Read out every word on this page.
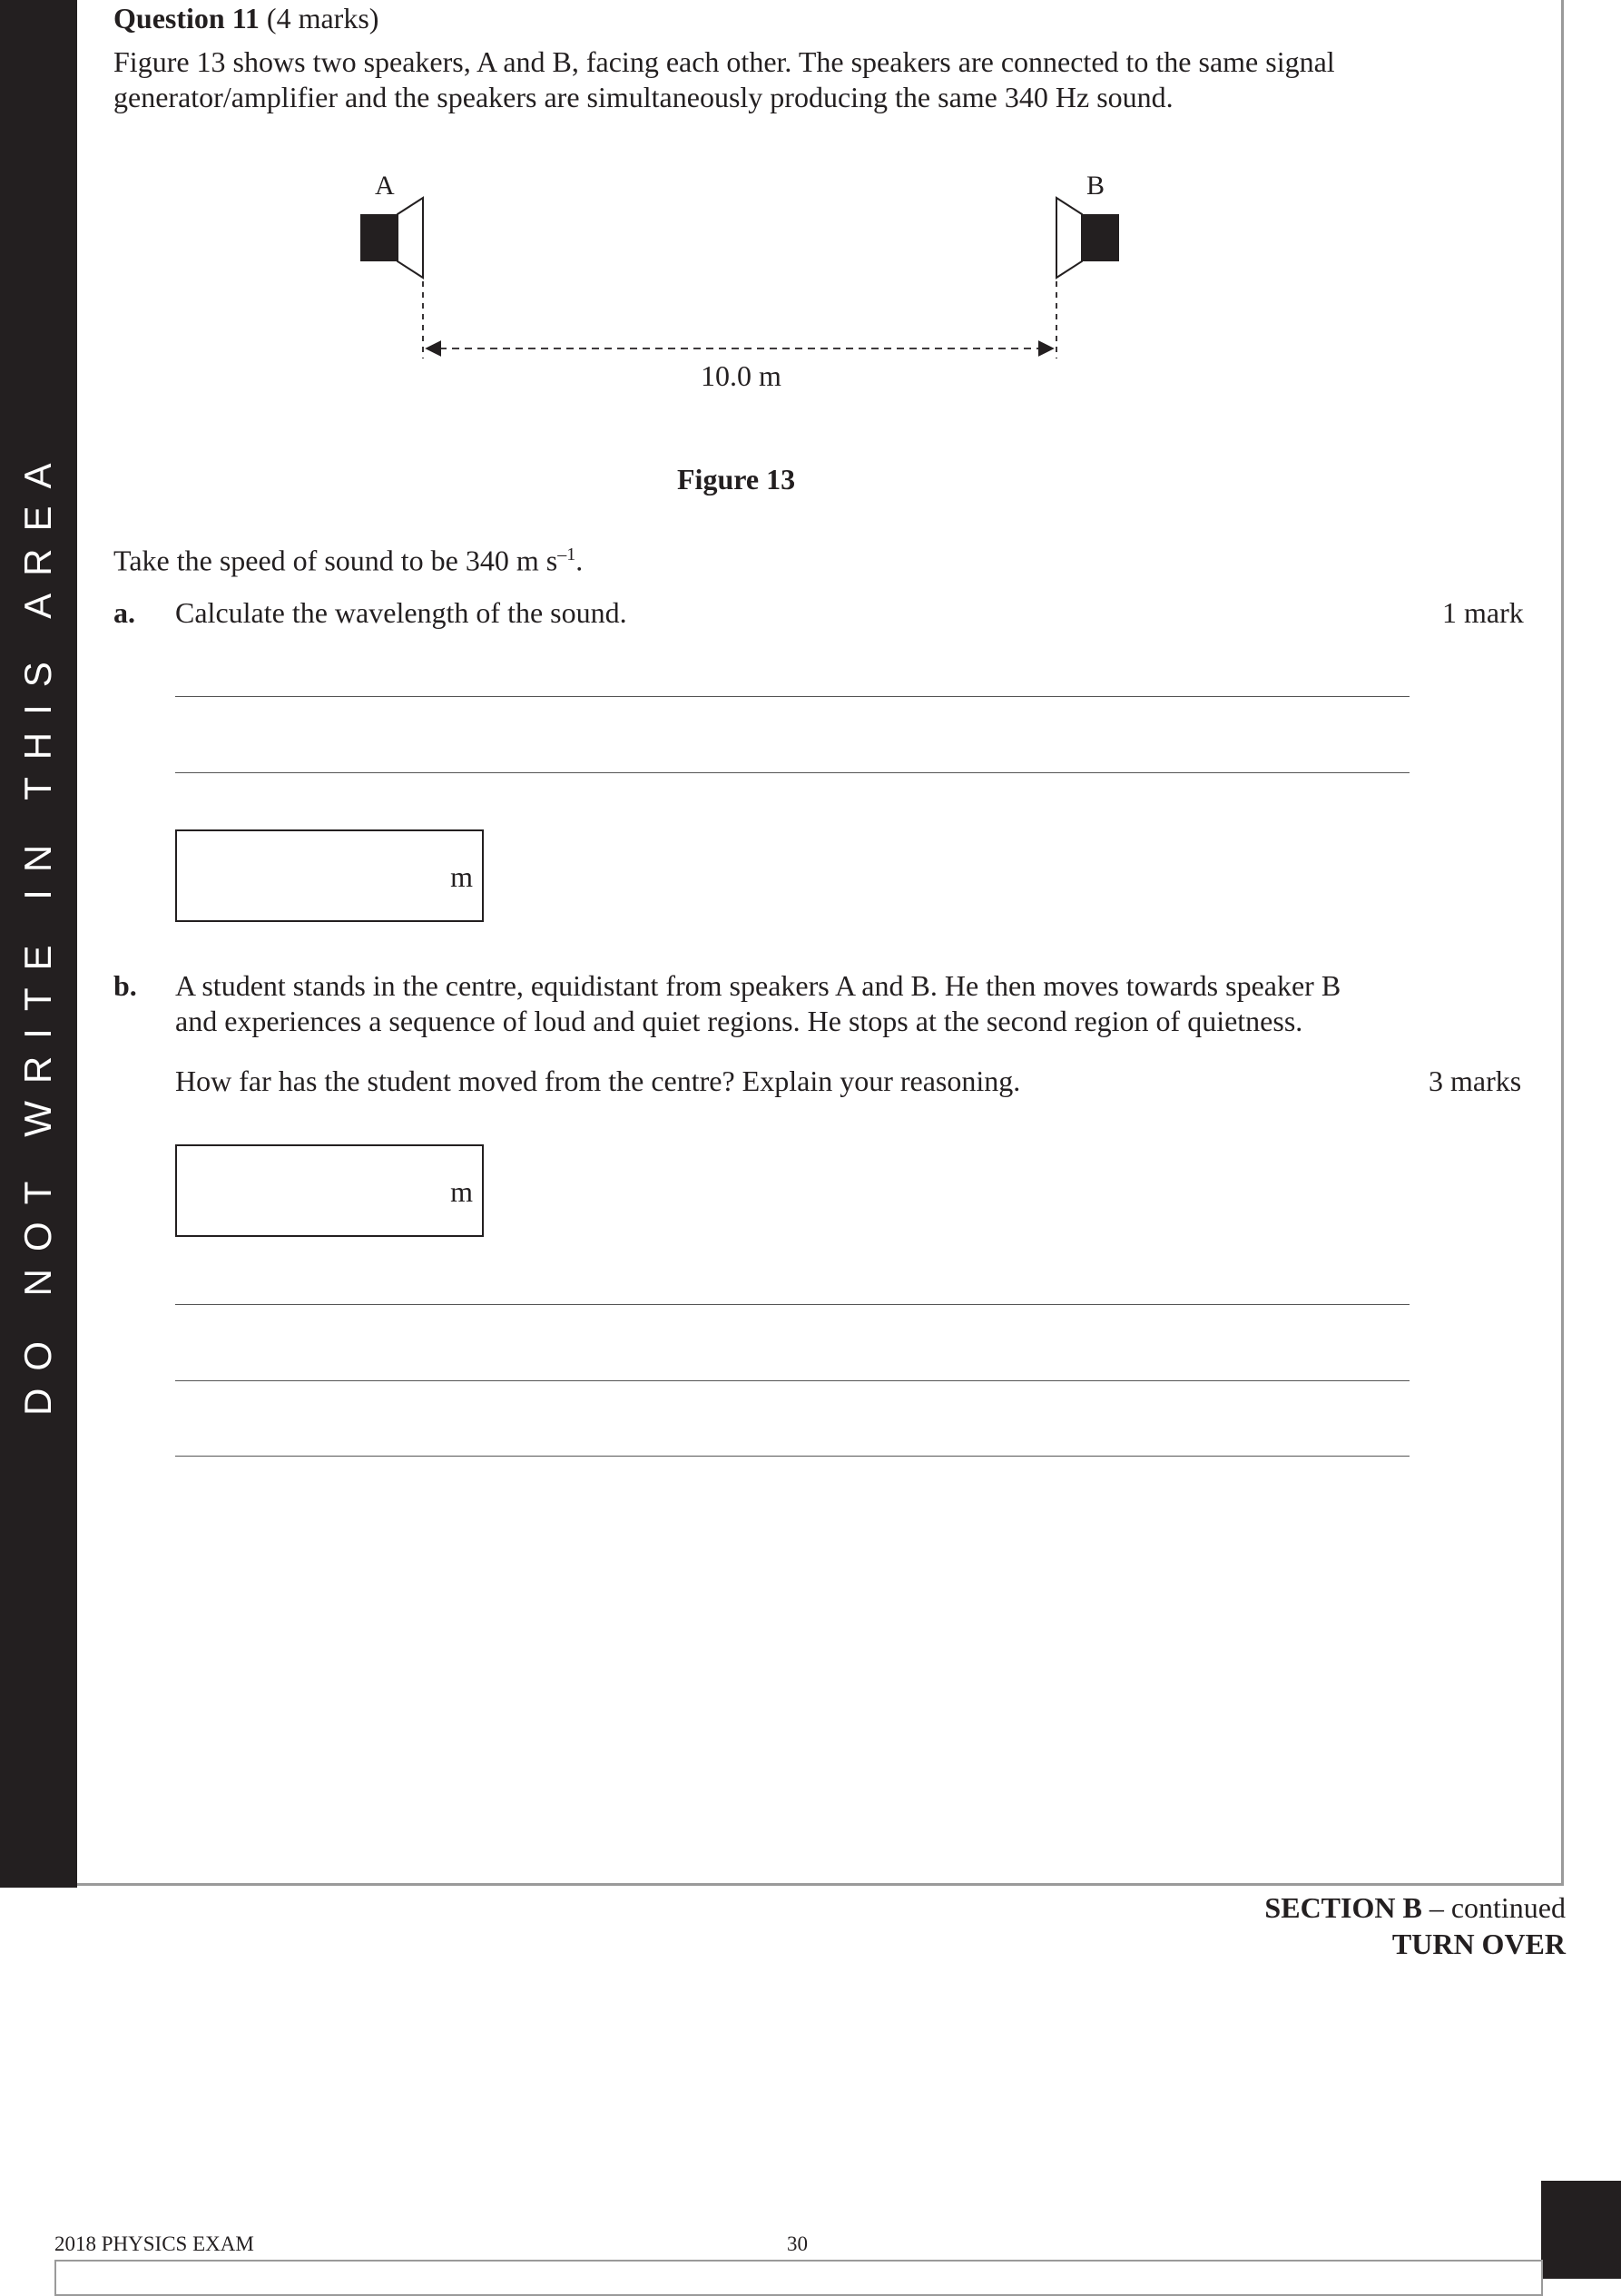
DO NOT WRITE IN THIS AREA
Question 11 (4 marks)
Figure 13 shows two speakers, A and B, facing each other. The speakers are connected to the same signal
generator/amplifier and the speakers are simultaneously producing the same 340 Hz sound.
A	B
10.0 m
Figure 13
Take the speed of sound to be 340 m $s^{-1}$.
a. Calculate the wavelength of the sound.	1 mark
m
b. A student stands in the centre, equidistant from speakers A and B. He then moves towards speaker B
and experiences a sequence of loud and quiet regions. He stops at the second region of quietness.
How far has the student moved from the centre? Explain your reasoning.	3 marks
m
SECTION B – continued
TURN OVER
2018 PHYSICS EXAM	30
